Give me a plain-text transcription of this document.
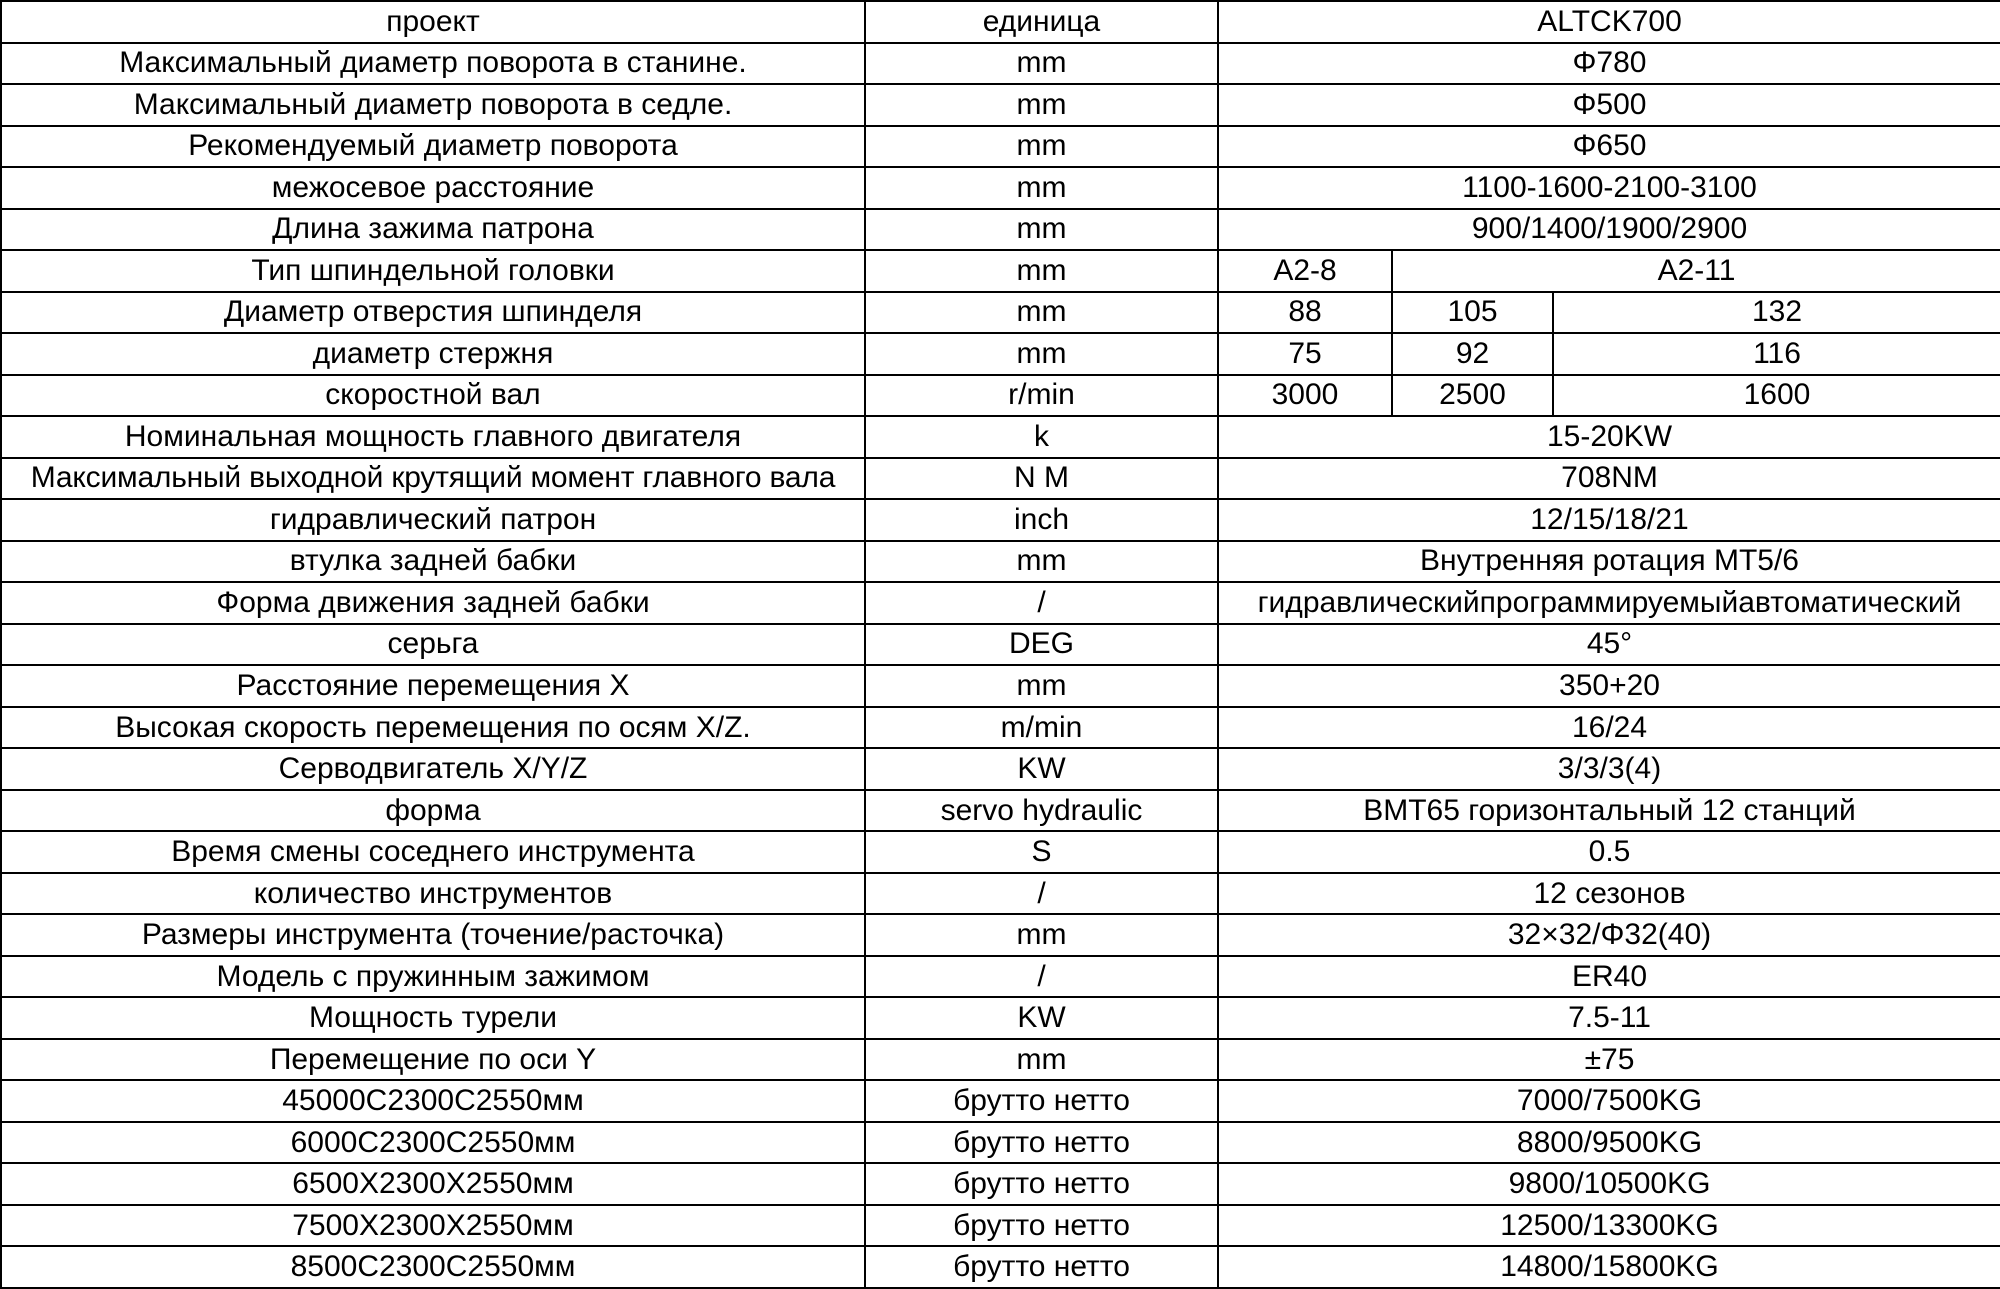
проект	единица	ALTCK700		
Максимальный диаметр поворота в станине.	mm	Φ780		
Максимальный диаметр поворота в седле.	mm	Φ500		
Рекомендуемый диаметр поворота	mm	Φ650		
межосевое расстояние	mm	1100-1600-2100-3100		
Длина зажима патрона	mm	900/1400/1900/2900		
Тип шпиндельной головки	mm	A2-8	A2-11	
Диаметр отверстия шпинделя	mm	88	105	132
диаметр стержня	mm	75	92	116
скоростной вал	r/min	3000	2500	1600
Номинальная мощность главного двигателя	k	15-20KW		
Максимальный выходной крутящий момент главного вала	N M	708NM		
гидравлический патрон	inch	12/15/18/21		
втулка задней бабки	mm	Внутренняя ротация MT5/6		
Форма движения задней бабки	/	гидравлическийпрограммируемыйавтоматический		
серьга	DEG	45°		
Расстояние перемещения X	mm	350+20		
Высокая скорость перемещения по осям X/Z.	m/min	16/24		
Серводвигатель X/Y/Z	KW	3/3/3(4)		
форма	servo hydraulic	BMT65 горизонтальный 12 станций		
Время смены соседнего инструмента	S	0.5		
количество инструментов	/	12 сезонов		
Размеры инструмента (точение/расточка)	mm	32×32/Φ32(40)		
Модель с пружинным зажимом	/	ER40		
Мощность турели	KW	7.5-11		
Перемещение по оси Y	mm	±75		
45000C2300C2550мм	брутто нетто	7000/7500KG		
6000C2300C2550мм	брутто нетто	8800/9500KG		
6500X2300X2550мм	брутто нетто	9800/10500KG		
7500X2300X2550мм	брутто нетто	12500/13300KG		
8500C2300C2550мм	брутто нетто	14800/15800KG		
